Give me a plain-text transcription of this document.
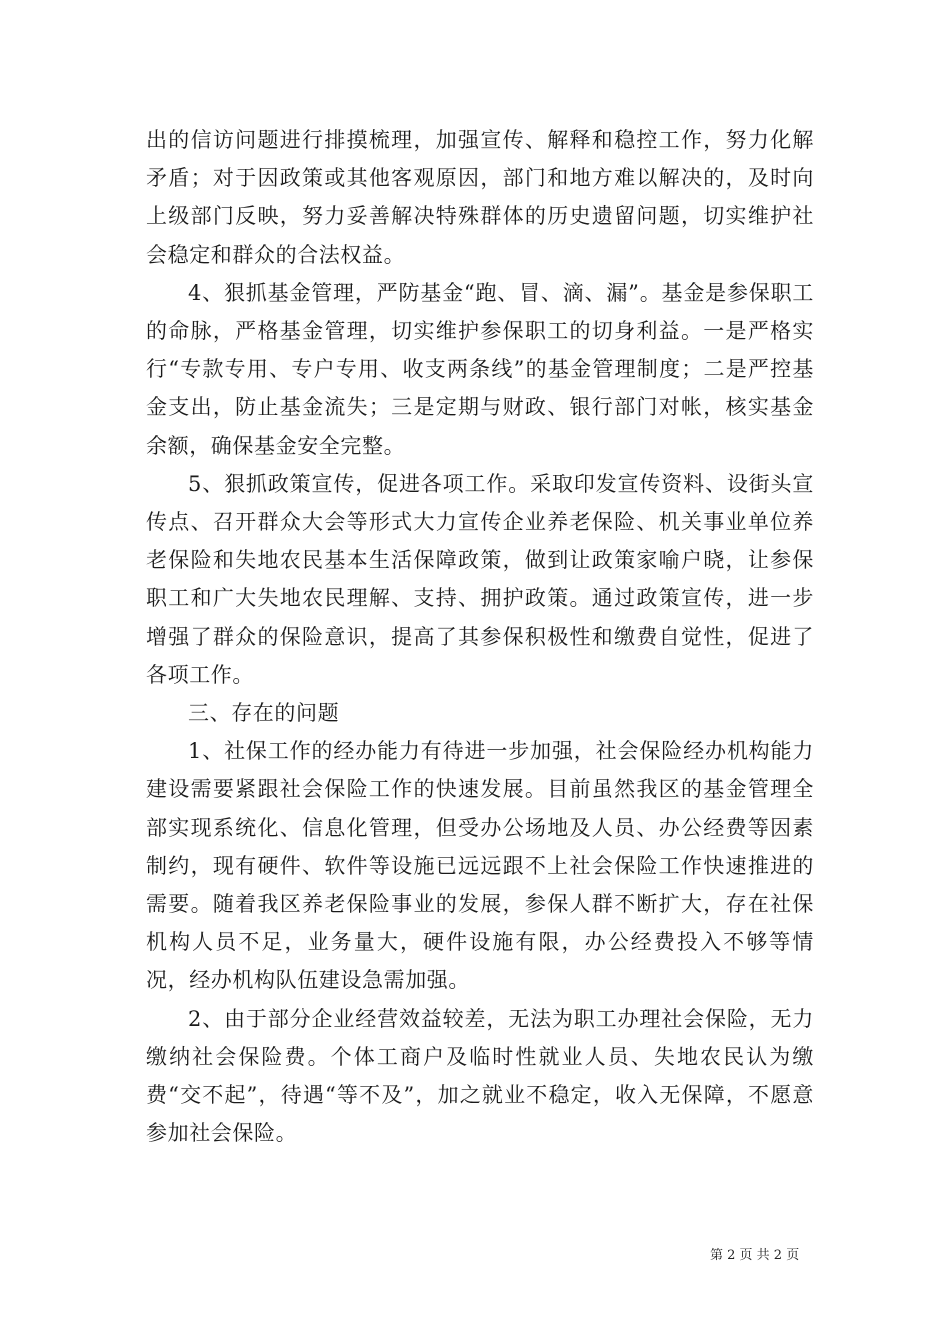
出的信访问题进行排摸梳理，加强宣传、解释和稳控工作，努力化解矛盾；对于因政策或其他客观原因，部门和地方难以解决的，及时向上级部门反映，努力妥善解决特殊群体的历史遗留问题，切实维护社会稳定和群众的合法权益。

4、狠抓基金管理，严防基金“跑、冒、滴、漏”。基金是参保职工的命脉，严格基金管理，切实维护参保职工的切身利益。一是严格实行“专款专用、专户专用、收支两条线”的基金管理制度；二是严控基金支出，防止基金流失；三是定期与财政、银行部门对帐，核实基金余额，确保基金安全完整。

5、狠抓政策宣传，促进各项工作。采取印发宣传资料、设街头宣传点、召开群众大会等形式大力宣传企业养老保险、机关事业单位养老保险和失地农民基本生活保障政策，做到让政策家喻户晓，让参保职工和广大失地农民理解、支持、拥护政策。通过政策宣传，进一步增强了群众的保险意识，提高了其参保积极性和缴费自觉性，促进了各项工作。

三、存在的问题

1、社保工作的经办能力有待进一步加强，社会保险经办机构能力建设需要紧跟社会保险工作的快速发展。目前虽然我区的基金管理全部实现系统化、信息化管理，但受办公场地及人员、办公经费等因素制约，现有硬件、软件等设施已远远跟不上社会保险工作快速推进的需要。随着我区养老保险事业的发展，参保人群不断扩大，存在社保机构人员不足，业务量大，硬件设施有限，办公经费投入不够等情况，经办机构队伍建设急需加强。

2、由于部分企业经营效益较差，无法为职工办理社会保险，无力缴纳社会保险费。个体工商户及临时性就业人员、失地农民认为缴费“交不起”，待遇“等不及”，加之就业不稳定，收入无保障，不愿意参加社会保险。

第 2 页 共 2 页
